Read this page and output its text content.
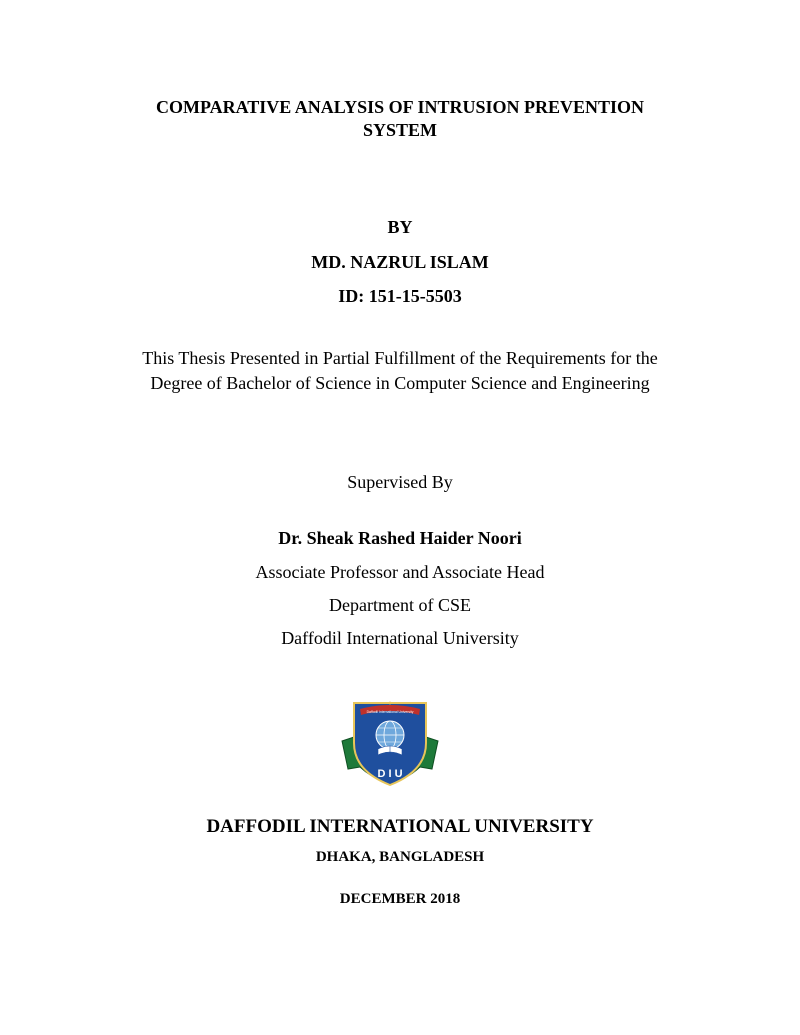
COMPARATIVE ANALYSIS OF INTRUSION PREVENTION
SYSTEM
BY
MD. NAZRUL ISLAM
ID: 151-15-5503
This Thesis Presented in Partial Fulfillment of the Requirements for the
Degree of Bachelor of Science in Computer Science and Engineering
Supervised By
Dr. Sheak Rashed Haider Noori
Associate Professor and Associate Head
Department of CSE
Daffodil International University
Daffodil International University
D I U
DAFFODIL INTERNATIONAL UNIVERSITY
DHAKA, BANGLADESH
DECEMBER 2018
